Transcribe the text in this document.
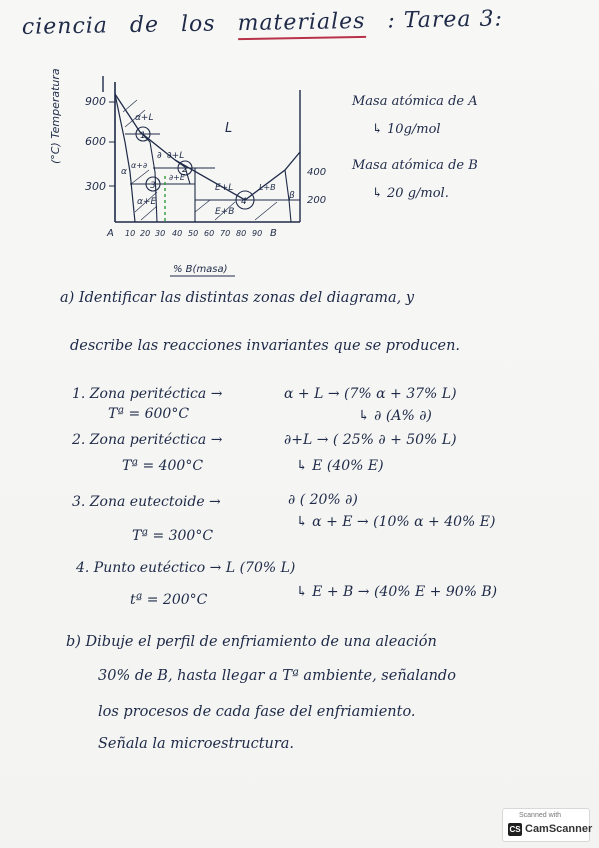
ciencia de los materiales : Tarea 3:
(°C) Temperatura 900
600
300
400
200
1
2
3
4
L
α+L
∂+L
α
α+∂
∂
∂+E
E+L	L+B
β
α+E
E+B
A 10 20 30 40 50 60 70 80 90 B
% B(masa)
Masa atómica de A
↳ 10g/mol
Masa atómica de B
↳ 20 g/mol.
a) Identificar las distintas zonas del diagrama, y
describe las reacciones invariantes que se producen.
1. Zona peritéctica →	α + L → (7% α + 37% L)
Tª = 600°C	↳ ∂ (A% ∂)
2. Zona peritéctica →	∂+L → ( 25% ∂ + 50% L)
Tª = 400°C	↳ E (40% E)
3. Zona eutectoide →	∂ ( 20% ∂)
↳ α + E → (10% α + 40% E)
Tª = 300°C
4. Punto eutéctico → L (70% L)
↳ E + B → (40% E + 90% B)
tª = 200°C
b) Dibuje el perfil de enfriamiento de una aleación
30% de B, hasta llegar a Tª ambiente, señalando
los procesos de cada fase del enfriamiento.
Señala la microestructura.
Scanned with
CS CamScanner
